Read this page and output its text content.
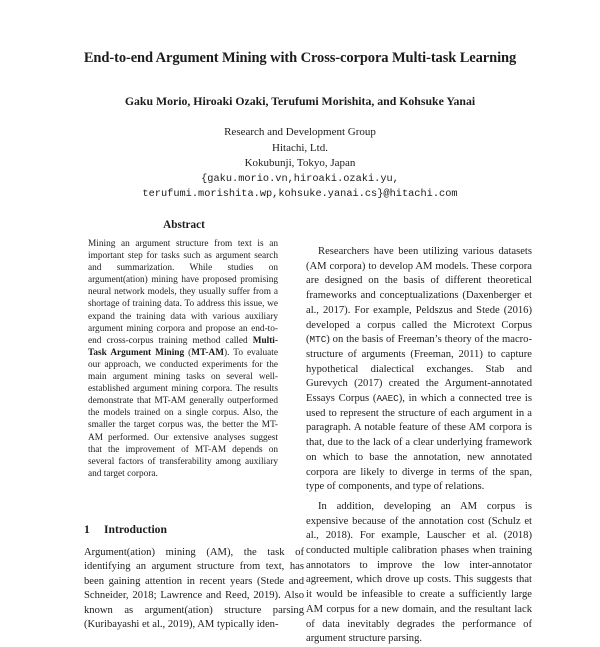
End-to-end Argument Mining with Cross-corpora Multi-task Learning
Gaku Morio, Hiroaki Ozaki, Terufumi Morishita, and Kohsuke Yanai
Research and Development Group
Hitachi, Ltd.
Kokubunji, Tokyo, Japan
{gaku.morio.vn,hiroaki.ozaki.yu,
terufumi.morishita.wp,kohsuke.yanai.cs}@hitachi.com
Abstract
Mining an argument structure from text is an important step for tasks such as argument search and summarization. While studies on argument(ation) mining have proposed promising neural network models, they usually suffer from a shortage of training data. To address this issue, we expand the training data with various auxiliary argument mining corpora and propose an end-to-end cross-corpus training method called Multi-Task Argument Mining (MT-AM). To evaluate our approach, we conducted experiments for the main argument mining tasks on several well-established argument mining corpora. The results demonstrate that MT-AM generally outperformed the models trained on a single corpus. Also, the smaller the target corpus was, the better the MT-AM performed. Our extensive analyses suggest that the improvement of MT-AM depends on several factors of transferability among auxiliary and target corpora.
1 Introduction
Argument(ation) mining (AM), the task of identifying an argument structure from text, has been gaining attention in recent years (Stede and Schneider, 2018; Lawrence and Reed, 2019). Also known as argument(ation) structure parsing (Kuribayashi et al., 2019), AM typically iden-

Researchers have been utilizing various datasets (AM corpora) to develop AM models. These corpora are designed on the basis of different theoretical frameworks and conceptualizations (Daxenberger et al., 2017). For example, Peldszus and Stede (2016) developed a corpus called the Microtext Corpus (MTC) on the basis of Freeman’s theory of the macro-structure of arguments (Freeman, 2011) to capture hypothetical dialectical exchanges. Stab and Gurevych (2017) created the Argument-annotated Essays Corpus (AAEC), in which a connected tree is used to represent the structure of each argument in a paragraph. A notable feature of these AM corpora is that, due to the lack of a clear underlying framework on which to base the annotation, new annotated corpora are likely to diverge in terms of the span, type of components, and type of relations.

In addition, developing an AM corpus is expensive because of the annotation cost (Schulz et al., 2018). For example, Lauscher et al. (2018) conducted multiple calibration phases when training annotators to improve the low inter-annotator agreement, which drove up costs. This suggests that it would be infeasible to create a sufficiently large AM corpus for a new domain, and the resultant lack of data inevitably degrades the performance of argument structure parsing.
